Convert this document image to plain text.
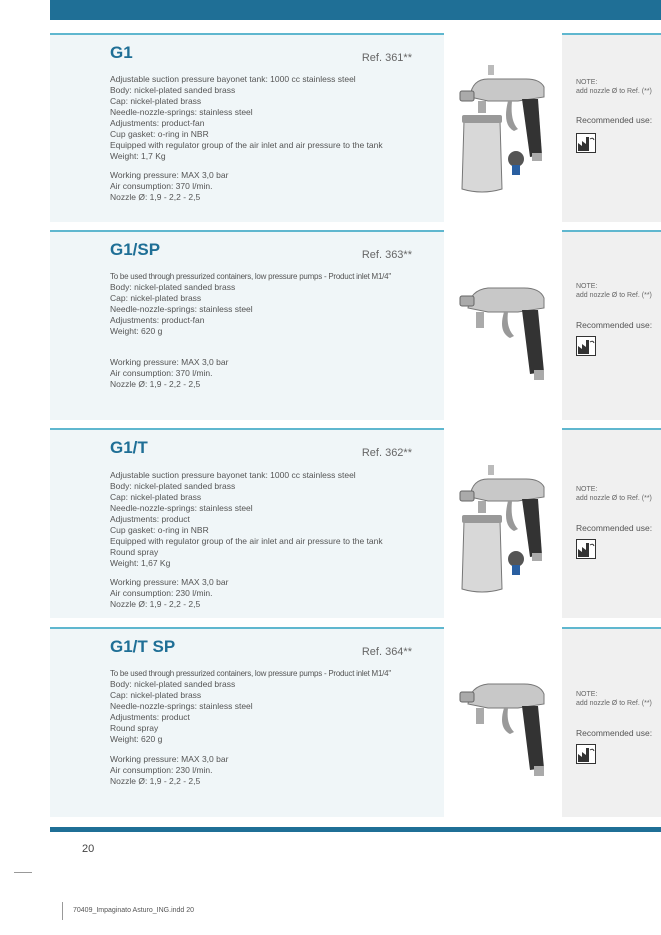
G1	Ref. 361**
Adjustable suction pressure bayonet tank: 1000 cc stainless steel
Body: nickel-plated sanded brass
Cap: nickel-plated brass
Needle-nozzle-springs: stainless steel
Adjustments: product-fan
Cup gasket: o-ring in NBR
Equipped with regulator group of the air inlet and air pressure to the tank
Weight: 1,7 Kg
Working pressure: MAX 3,0 bar
Air consumption: 370 l/min.
Nozzle Ø: 1,9 - 2,2 - 2,5
NOTE:
add nozzle Ø to Ref. (**)
Recommended use:
G1/SP	Ref. 363**
To be used through pressurized containers, low pressure pumps - Product inlet M1/4"
Body: nickel-plated sanded brass
Cap: nickel-plated brass
Needle-nozzle-springs: stainless steel
Adjustments: product-fan
Weight: 620 g
Working pressure: MAX 3,0 bar
Air consumption: 370 l/min.
Nozzle Ø: 1,9 - 2,2 - 2,5
NOTE:
add nozzle Ø to Ref. (**)
Recommended use:
G1/T	Ref. 362**
Adjustable suction pressure bayonet tank: 1000 cc stainless steel
Body: nickel-plated sanded brass
Cap: nickel-plated brass
Needle-nozzle-springs: stainless steel
Adjustments: product
Cup gasket: o-ring in NBR
Equipped with regulator group of the air inlet and air pressure to the tank
Round spray
Weight: 1,67 Kg
Working pressure: MAX 3,0 bar
Air consumption: 230 l/min.
Nozzle Ø: 1,9 - 2,2 - 2,5
NOTE:
add nozzle Ø to Ref. (**)
Recommended use:
G1/T SP	Ref. 364**
To be used through pressurized containers, low pressure pumps - Product inlet M1/4"
Body: nickel-plated sanded brass
Cap: nickel-plated brass
Needle-nozzle-springs: stainless steel
Adjustments: product
Round spray
Weight: 620 g
Working pressure: MAX 3,0 bar
Air consumption: 230 l/min.
Nozzle Ø: 1,9 - 2,2 - 2,5
NOTE:
add nozzle Ø to Ref. (**)
Recommended use:
20
70409_Impaginato Asturo_ING.indd 20
